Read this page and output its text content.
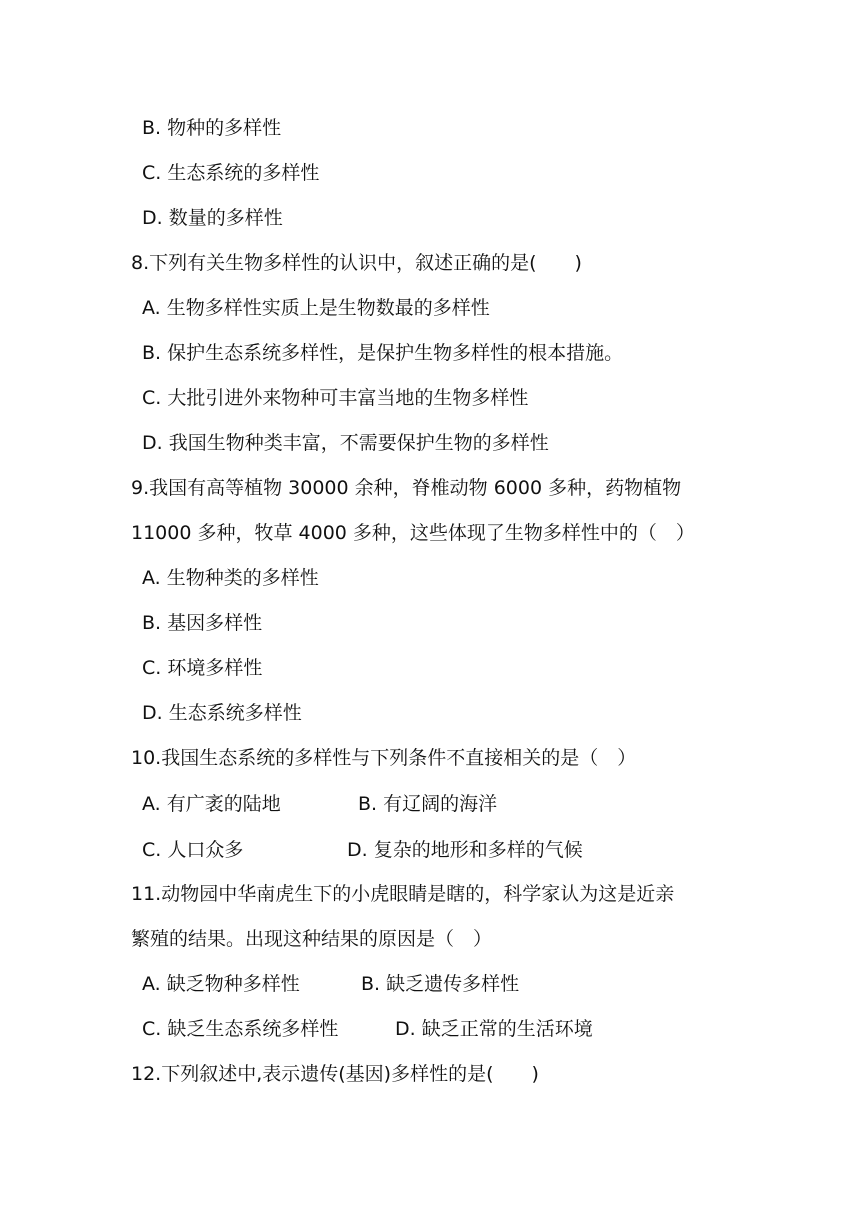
B. 物种的多样性
C. 生态系统的多样性
D. 数量的多样性
8.下列有关生物多样性的认识中，叙述正确的是(　　)
A. 生物多样性实质上是生物数最的多样性
B. 保护生态系统多样性，是保护生物多样性的根本措施。
C. 大批引进外来物种可丰富当地的生物多样性
D. 我国生物种类丰富，不需要保护生物的多样性
9.我国有高等植物 30000 余种，脊椎动物 6000 多种，药物植物
11000 多种，牧草 4000 多种，这些体现了生物多样性中的（　）
A. 生物种类的多样性
B. 基因多样性
C. 环境多样性
D. 生态系统多样性
10.我国生态系统的多样性与下列条件不直接相关的是（　）
A. 有广袤的陆地	B. 有辽阔的海洋
C. 人口众多	D. 复杂的地形和多样的气候
11.动物园中华南虎生下的小虎眼睛是瞎的，科学家认为这是近亲
繁殖的结果。出现这种结果的原因是（　）
A. 缺乏物种多样性	B. 缺乏遗传多样性
C. 缺乏生态系统多样性	D. 缺乏正常的生活环境
12.下列叙述中,表示遗传(基因)多样性的是(　　)
